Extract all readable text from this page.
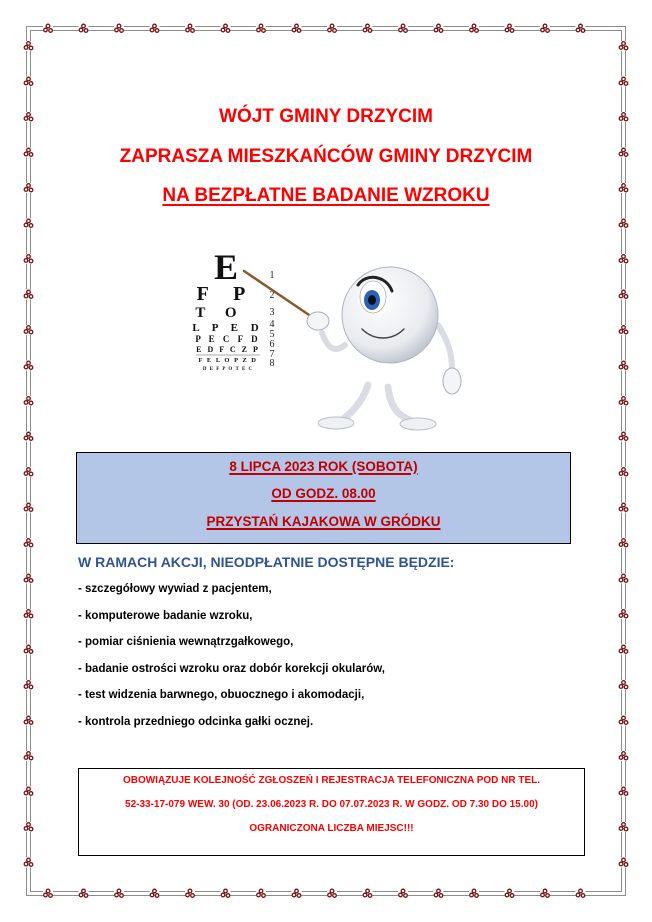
WÓJT GMINY DRZYCIM
ZAPRASZA MIESZKAŃCÓW GMINY DRZYCIM
NA BEZPŁATNE BADANIE WZROKU
E
F P
T O
L P E D
P E C F D
E D F C Z P
F E L O P Z D
D E F P O T E C
1
2
3
4
5
6
7
8
8 LIPCA 2023 ROK (SOBOTA)
OD GODZ. 08.00
PRZYSTAŃ KAJAKOWA W GRÓDKU
W RAMACH AKCJI, NIEODPŁATNIE DOSTĘPNE BĘDZIE:
- szczegółowy wywiad z pacjentem,
- komputerowe badanie wzroku,
- pomiar ciśnienia wewnątrzgałkowego,
- badanie ostrości wzroku oraz dobór korekcji okularów,
- test widzenia barwnego, obuocznego i akomodacji,
- kontrola przedniego odcinka gałki ocznej.
OBOWIĄZUJE KOLEJNOŚĆ ZGŁOSZEŃ I REJESTRACJA TELEFONICZNA POD NR TEL.
52-33-17-079 WEW. 30 (OD. 23.06.2023 R. DO 07.07.2023 R. W GODZ. OD 7.30 DO 15.00)
OGRANICZONA LICZBA MIEJSC!!!
